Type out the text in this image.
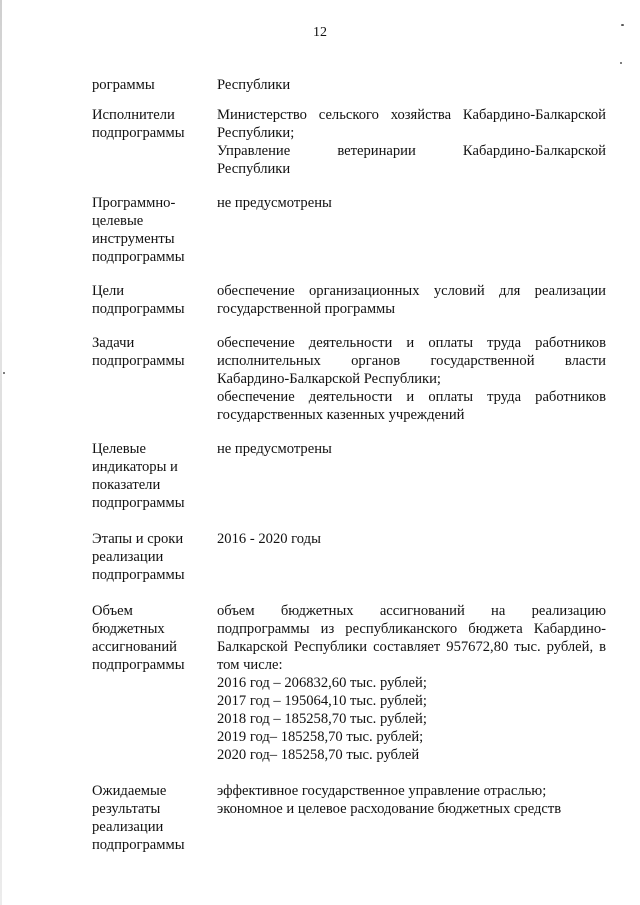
12
рограммы	Республики
Исполнители
подпрограммы
Министерство сельского хозяйства Кабардино-Балкарской
Республики;
Управление ветеринарии Кабардино-Балкарской
Республики
Программно-
целевые
инструменты
подпрограммы
не предусмотрены
Цели
подпрограммы
обеспечение организационных условий для реализации
государственной программы
Задачи
подпрограммы
обеспечение деятельности и оплаты труда работников
исполнительных органов государственной власти
Кабардино-Балкарской Республики;
обеспечение деятельности и оплаты труда работников
государственных казенных учреждений
Целевые
индикаторы и
показатели
подпрограммы
не предусмотрены
Этапы и сроки
реализации
подпрограммы
2016 - 2020 годы
Объем
бюджетных
ассигнований
подпрограммы
объем бюджетных ассигнований на реализацию
подпрограммы из республиканского бюджета Кабардино-
Балкарской Республики составляет 957672,80 тыс. рублей, в
том числе:
2016 год – 206832,60 тыс. рублей;
2017 год – 195064,10 тыс. рублей;
2018 год – 185258,70 тыс. рублей;
2019 год– 185258,70 тыс. рублей;
2020 год– 185258,70 тыс. рублей
Ожидаемые
результаты
реализации
подпрограммы
эффективное государственное управление отраслью;
экономное и целевое расходование бюджетных средств
